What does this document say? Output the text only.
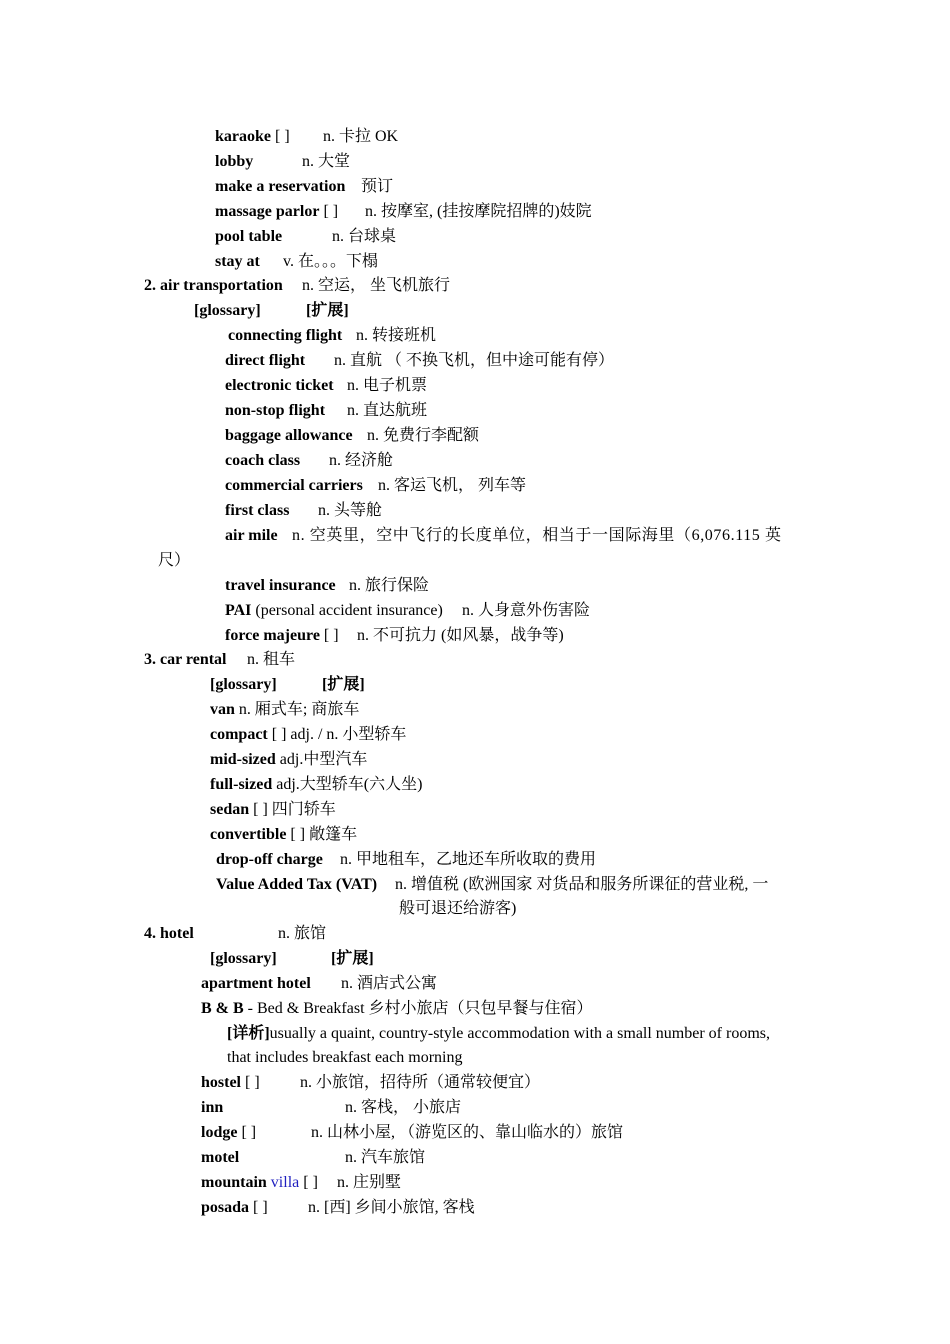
karaoke [ ] n. 卡拉 OK
lobby	n. 大堂
make a reservation 预订
massage parlor [ ] n. 按摩室, (挂按摩院招牌的)妓院
pool table	n. 台球桌
stay at v. 在。。。下榻
2. air transportation n. 空运， 坐飞机旅行
[glossary]	[扩展]
connecting flight n. 转接班机
direct flight n. 直航 （ 不换飞机，但中途可能有停）
electronic ticket n. 电子机票
non-stop flight n. 直达航班
baggage allowance n. 免费行李配额
coach class n. 经济舱
commercial carriers n. 客运飞机， 列车等
first class n. 头等舱
air mile n. 空英里，空中飞行的长度单位，相当于一国际海里（6,076.115 英
尺）
travel insurance n. 旅行保险
PAI (personal accident insurance) n. 人身意外伤害险
force majeure [ ] n. 不可抗力 (如风暴，战争等)
3. car rental n. 租车
[glossary]	[扩展]
van n. 厢式车; 商旅车
compact [ ] adj. / n. 小型轿车
mid-sized adj.中型汽车
full-sized adj.大型轿车(六人坐)
sedan [ ] 四门轿车
convertible [ ] 敞篷车
drop-off charge n. 甲地租车，乙地还车所收取的费用
Value Added Tax (VAT) n. 增值税 (欧洲国家 对货品和服务所课征的营业税, 一
般可退还给游客)
4. hotel	n. 旅馆
[glossary]	[扩展]
apartment hotel n. 酒店式公寓
B & B - Bed & Breakfast 乡村小旅店（只包早餐与住宿）
[详析]usually a quaint, country-style accommodation with a small number of rooms,
that includes breakfast each morning
hostel [ ]	n. 小旅馆，招待所（通常较便宜）
inn	n. 客栈， 小旅店
lodge [ ]	n. 山林小屋, （游览区的、靠山临水的）旅馆
motel	n. 汽车旅馆
mountain villa [ ] n. 庄别墅
posada [ ]	n. [西] 乡间小旅馆, 客栈
